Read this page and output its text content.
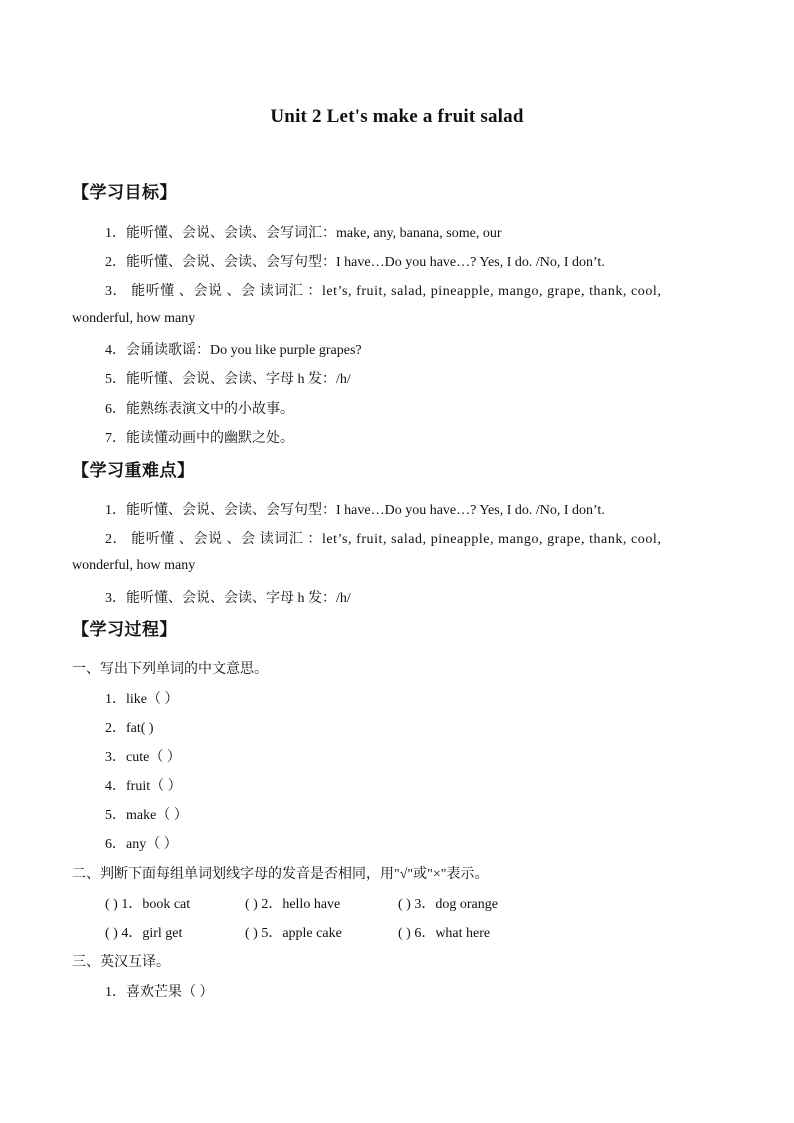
Unit 2 Let's make a fruit salad
【学习目标】
1．能听懂、会说、会读、会写词汇：make, any, banana, some, our
2．能听懂、会说、会读、会写句型：I have…Do you have…? Yes, I do. /No, I don’t.
3． 能听懂 、会说 、会 读词汇 ：let’s, fruit, salad, pineapple, mango, grape, thank, cool,
wonderful, how many
4．会诵读歌谣：Do you like purple grapes?
5．能听懂、会说、会读、字母 h 发：/h/
6．能熟练表演文中的小故事。
7．能读懂动画中的幽默之处。
【学习重难点】
1．能听懂、会说、会读、会写句型：I have…Do you have…? Yes, I do. /No, I don’t.
2． 能听懂 、会说 、会 读词汇 ：let’s, fruit, salad, pineapple, mango, grape, thank, cool,
wonderful, how many
3．能听懂、会说、会读、字母 h 发：/h/
【学习过程】
一、写出下列单词的中文意思。
1．like（ ）
2．fat( )
3．cute（ ）
4．fruit（ ）
5．make（ ）
6．any（ ）
二、判断下面每组单词划线字母的发音是否相同，用"√"或"×"表示。
( ) 1．book cat	( ) 2．hello have	( ) 3．dog orange
( ) 4．girl get	( ) 5．apple cake	( ) 6．what here
三、英汉互译。
1．喜欢芒果（ ）
